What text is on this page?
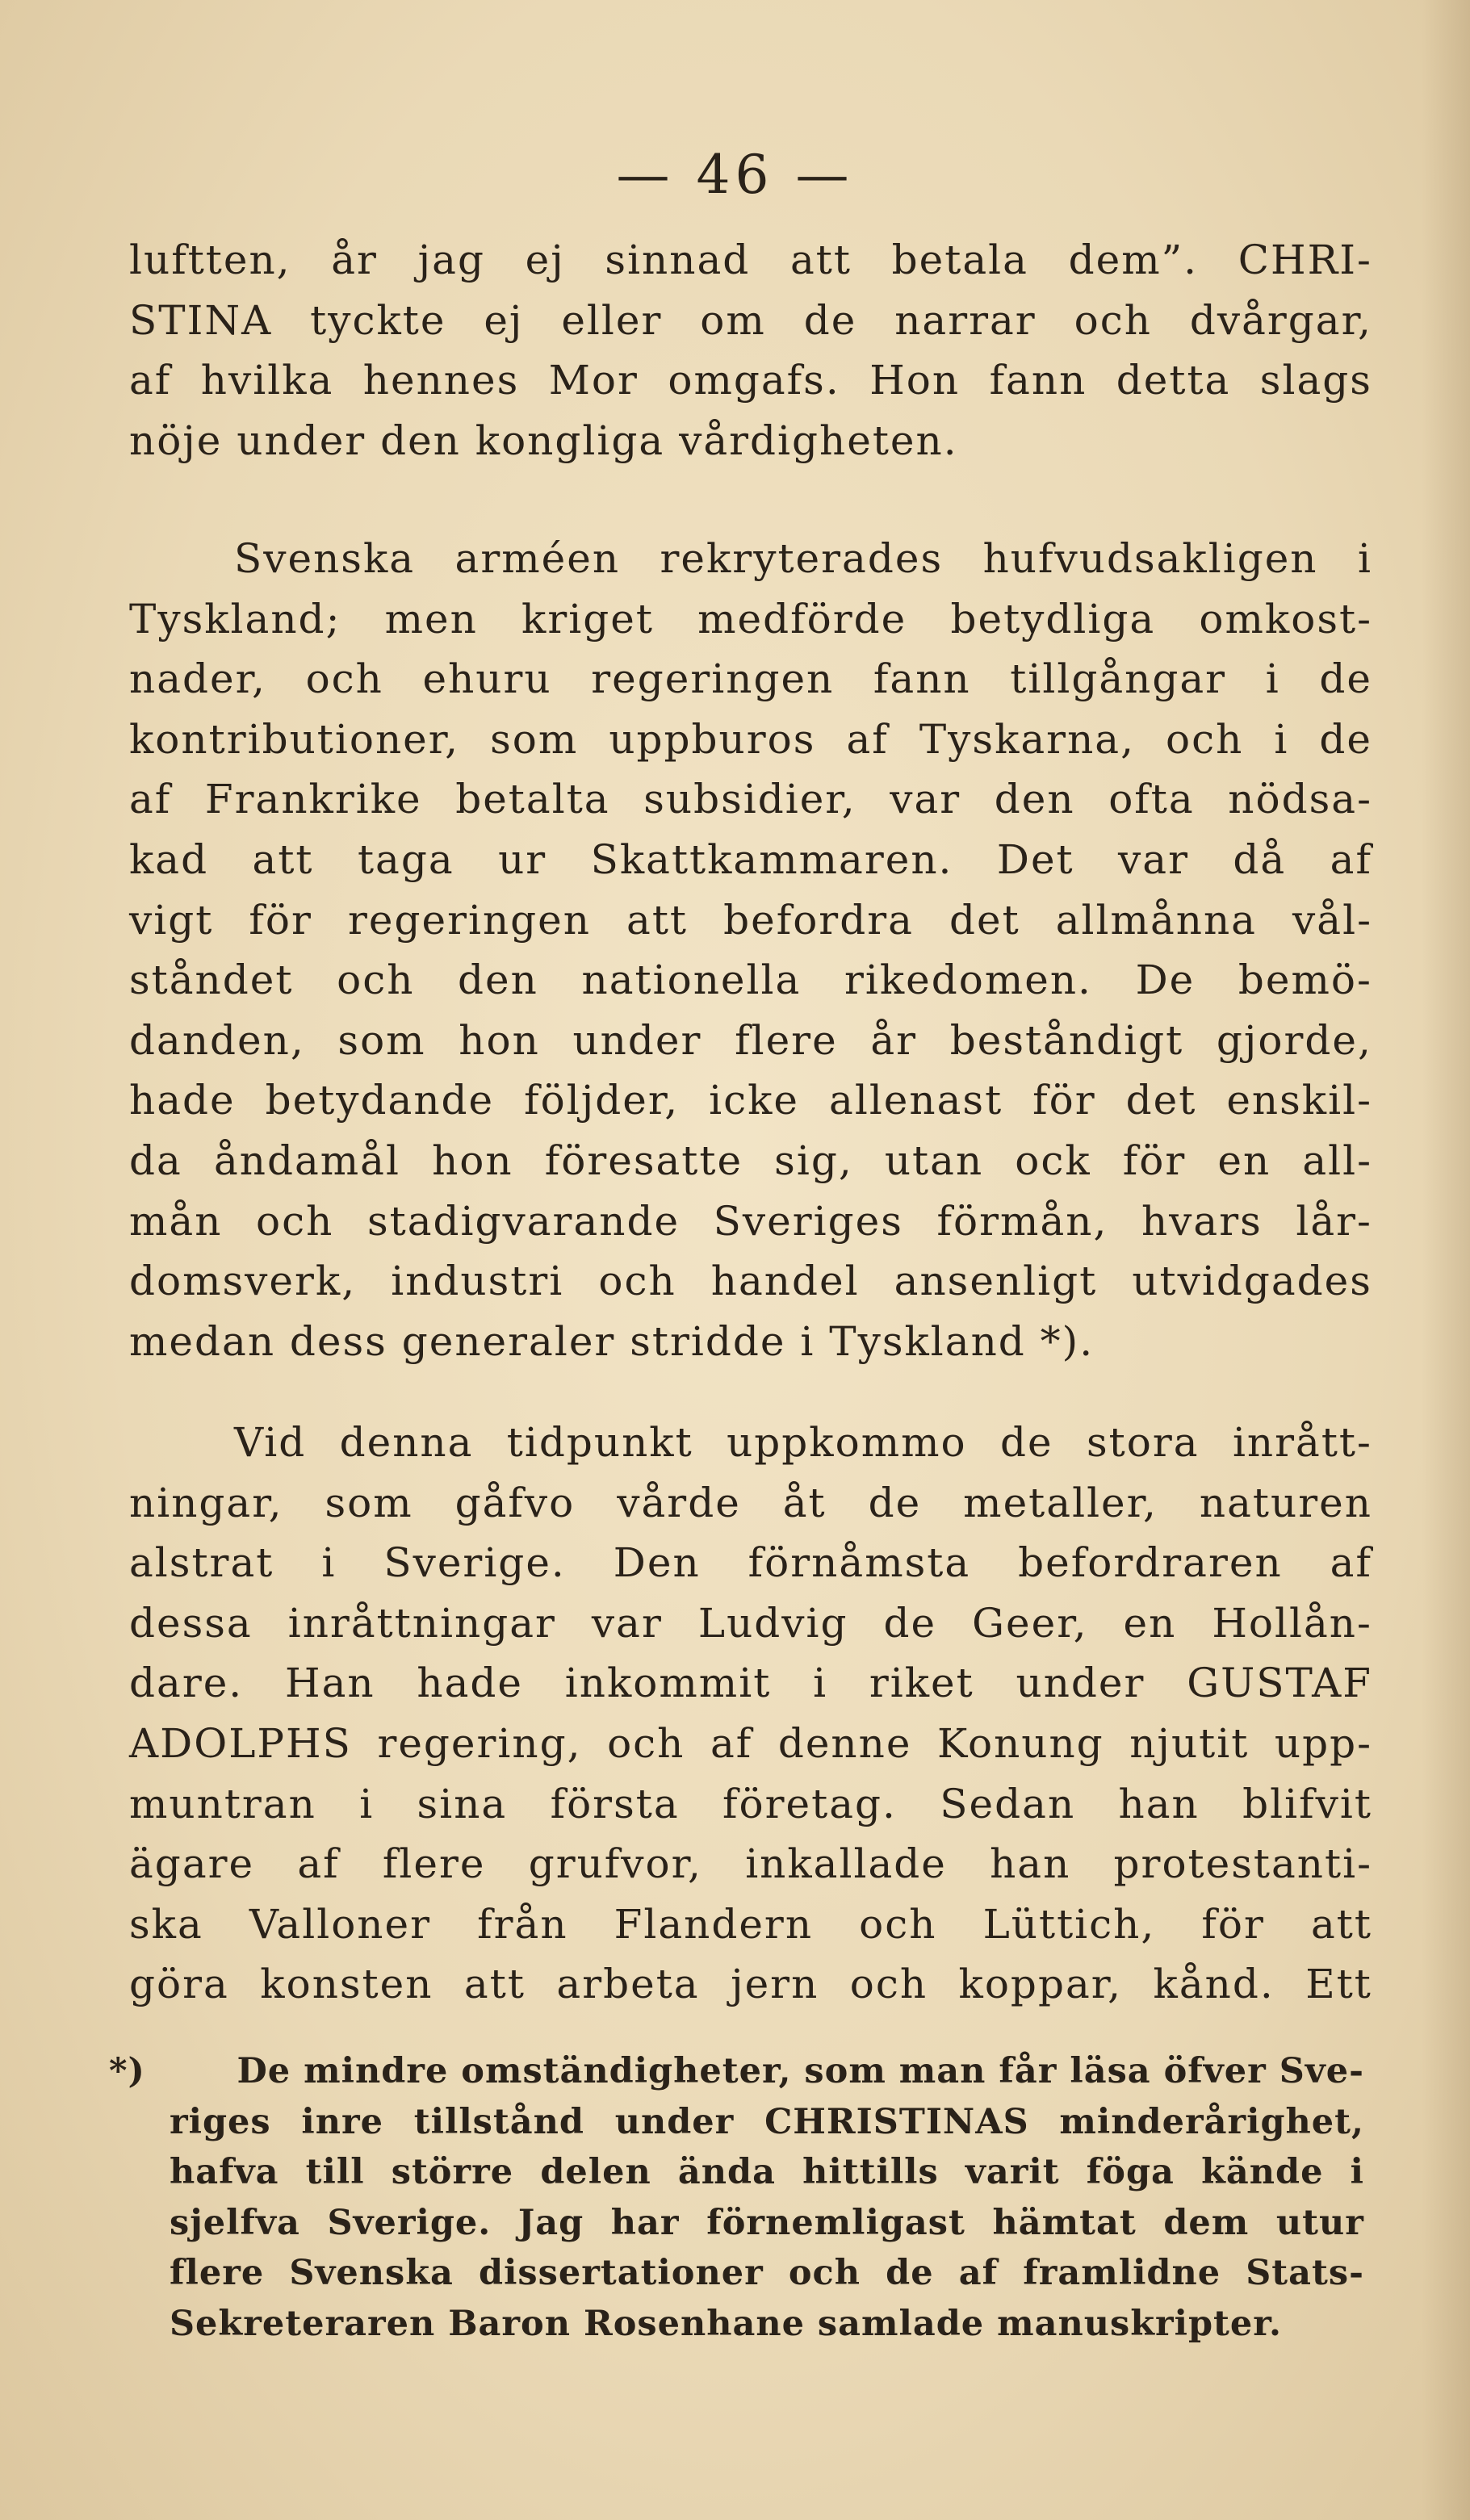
— 46 —
luftten, år jag ej sinnad att betala dem”. CHRI-
STINA tyckte ej eller om de narrar och dvårgar,
af hvilka hennes Mor omgafs. Hon fann detta slags
nöje under den kongliga vårdigheten.
Svenska arméen rekryterades hufvudsakligen i
Tyskland; men kriget medförde betydliga omkost-
nader, och ehuru regeringen fann tillgångar i de
kontributioner, som uppburos af Tyskarna, och i de
af Frankrike betalta subsidier, var den ofta nödsa-
kad att taga ur Skattkammaren. Det var då af
vigt för regeringen att befordra det allmånna vål-
ståndet och den nationella rikedomen. De bemö-
danden, som hon under flere år beståndigt gjorde,
hade betydande följder, icke allenast för det enskil-
da åndamål hon föresatte sig, utan ock för en all-
mån och stadigvarande Sveriges förmån, hvars lår-
domsverk, industri och handel ansenligt utvidgades
medan dess generaler stridde i Tyskland *).
Vid denna tidpunkt uppkommo de stora inrått-
ningar, som gåfvo vårde åt de metaller, naturen
alstrat i Sverige. Den förnåmsta befordraren af
dessa inråttningar var Ludvig de Geer, en Hollån-
dare. Han hade inkommit i riket under GUSTAF
ADOLPHS regering, och af denne Konung njutit upp-
muntran i sina första företag. Sedan han blifvit
ägare af flere grufvor, inkallade han protestanti-
ska Valloner från Flandern och Lüttich, för att
göra konsten att arbeta jern och koppar, kånd. Ett
*)	De mindre omständigheter, som man får läsa öfver Sve-
riges inre tillstånd under CHRISTINAS minderårighet,
hafva till större delen ända hittills varit föga kände i
sjelfva Sverige. Jag har förnemligast hämtat dem utur
flere Svenska dissertationer och de af framlidne Stats-
Sekreteraren Baron Rosenhane samlade manuskripter.
